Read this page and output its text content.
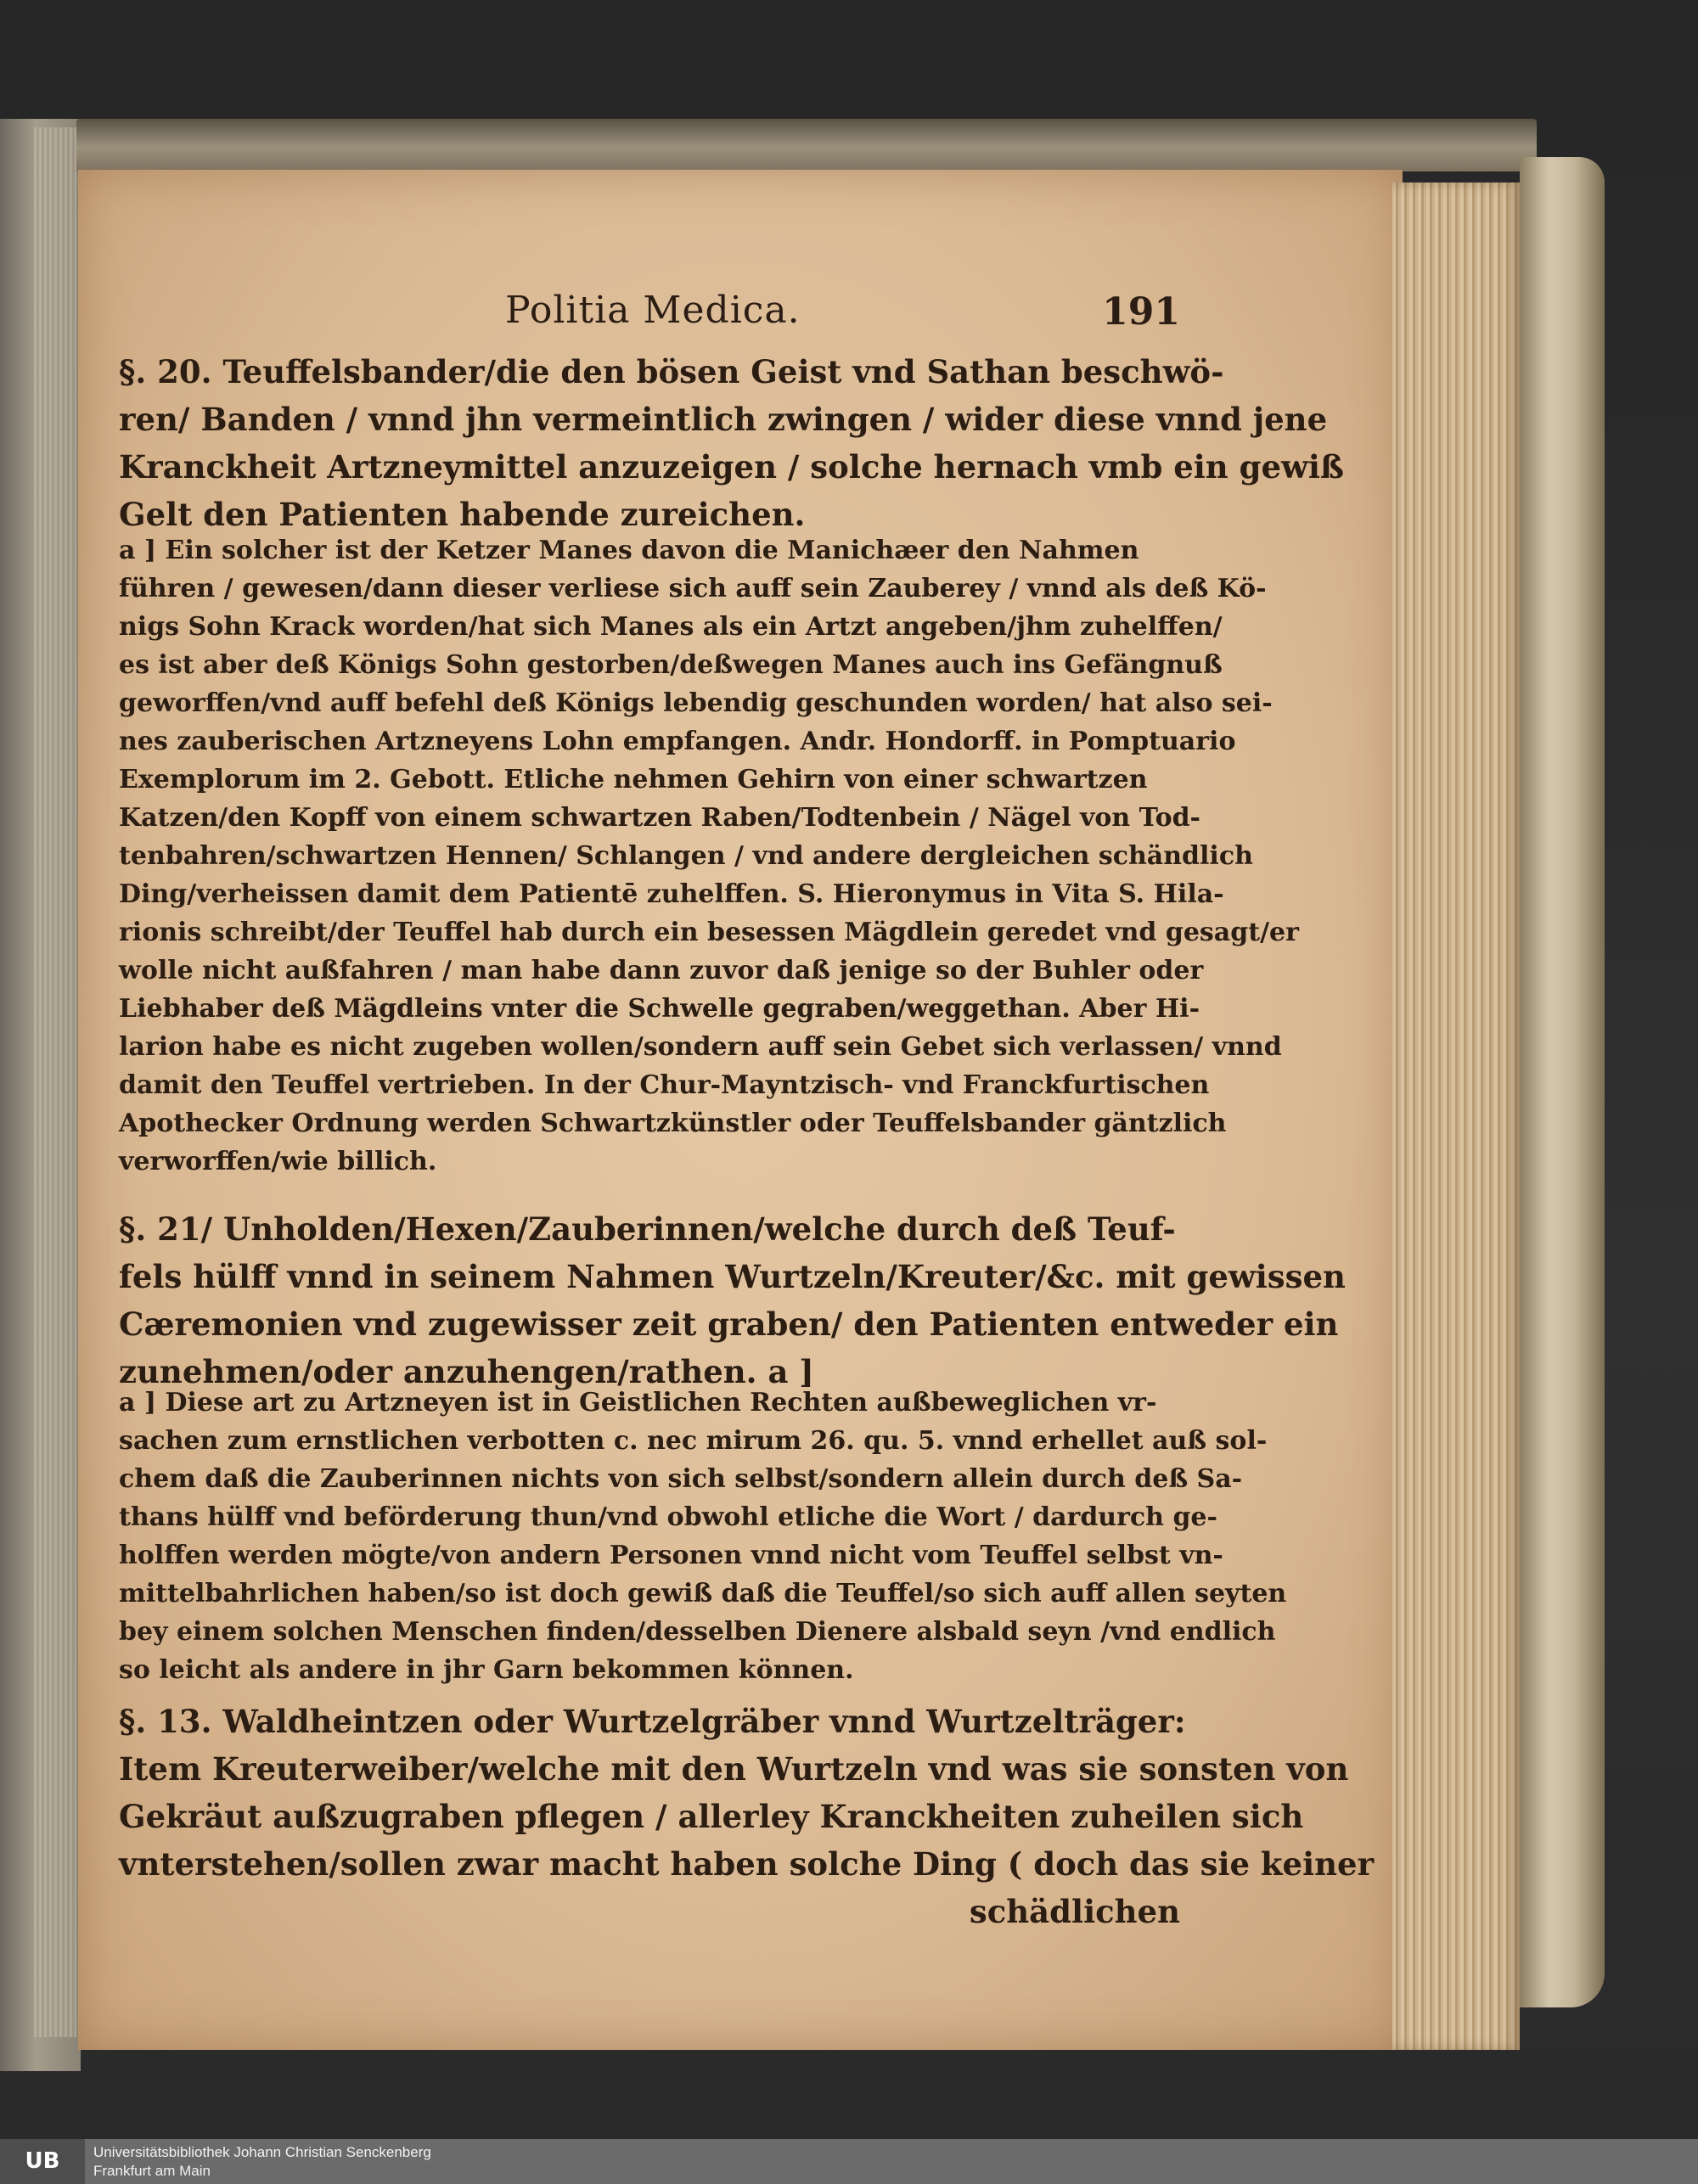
Politia Medica.	191
§. 20. Teuffelsbander/die den bösen Geist vnd Sathan beschwö-
ren/ Banden / vnnd jhn vermeintlich zwingen / wider diese vnnd jene
Kranckheit Artzneymittel anzuzeigen / solche hernach vmb ein gewiß
Gelt den Patienten habende zureichen.
a ] Ein solcher ist der Ketzer Manes davon die Manichæer den Nahmen
führen / gewesen/dann dieser verliese sich auff sein Zauberey / vnnd als deß Kö-
nigs Sohn Krack worden/hat sich Manes als ein Artzt angeben/jhm zuhelffen/
es ist aber deß Königs Sohn gestorben/deßwegen Manes auch ins Gefängnuß
geworffen/vnd auff befehl deß Königs lebendig geschunden worden/ hat also sei-
nes zauberischen Artzneyens Lohn empfangen. Andr. Hondorff. in Pomptuario
Exemplorum im 2. Gebott. Etliche nehmen Gehirn von einer schwartzen
Katzen/den Kopff von einem schwartzen Raben/Todtenbein / Nägel von Tod-
tenbahren/schwartzen Hennen/ Schlangen / vnd andere dergleichen schändlich
Ding/verheissen damit dem Patientē zuhelffen. S. Hieronymus in Vita S. Hila-
rionis schreibt/der Teuffel hab durch ein besessen Mägdlein geredet vnd gesagt/er
wolle nicht außfahren / man habe dann zuvor daß jenige so der Buhler oder
Liebhaber deß Mägdleins vnter die Schwelle gegraben/weggethan. Aber Hi-
larion habe es nicht zugeben wollen/sondern auff sein Gebet sich verlassen/ vnnd
damit den Teuffel vertrieben. In der Chur-Mayntzisch- vnd Franckfurtischen
Apothecker Ordnung werden Schwartzkünstler oder Teuffelsbander gäntzlich
verworffen/wie billich.
§. 21/ Unholden/Hexen/Zauberinnen/welche durch deß Teuf-
fels hülff vnnd in seinem Nahmen Wurtzeln/Kreuter/&c. mit gewissen
Cæremonien vnd zugewisser zeit graben/ den Patienten entweder ein
zunehmen/oder anzuhengen/rathen. a ]
a ] Diese art zu Artzneyen ist in Geistlichen Rechten außbeweglichen vr-
sachen zum ernstlichen verbotten c. nec mirum 26. qu. 5. vnnd erhellet auß sol-
chem daß die Zauberinnen nichts von sich selbst/sondern allein durch deß Sa-
thans hülff vnd beförderung thun/vnd obwohl etliche die Wort / dardurch ge-
holffen werden mögte/von andern Personen vnnd nicht vom Teuffel selbst vn-
mittelbahrlichen haben/so ist doch gewiß daß die Teuffel/so sich auff allen seyten
bey einem solchen Menschen finden/desselben Dienere alsbald seyn /vnd endlich
so leicht als andere in jhr Garn bekommen können.
§. 13. Waldheintzen oder Wurtzelgräber vnnd Wurtzelträger:
Item Kreuterweiber/welche mit den Wurtzeln vnd was sie sonsten von
Gekräut außzugraben pflegen / allerley Kranckheiten zuheilen sich
vnterstehen/sollen zwar macht haben solche Ding ( doch das sie keiner
schädlichen
UB	Universitätsbibliothek Johann Christian Senckenberg
Frankfurt am Main
